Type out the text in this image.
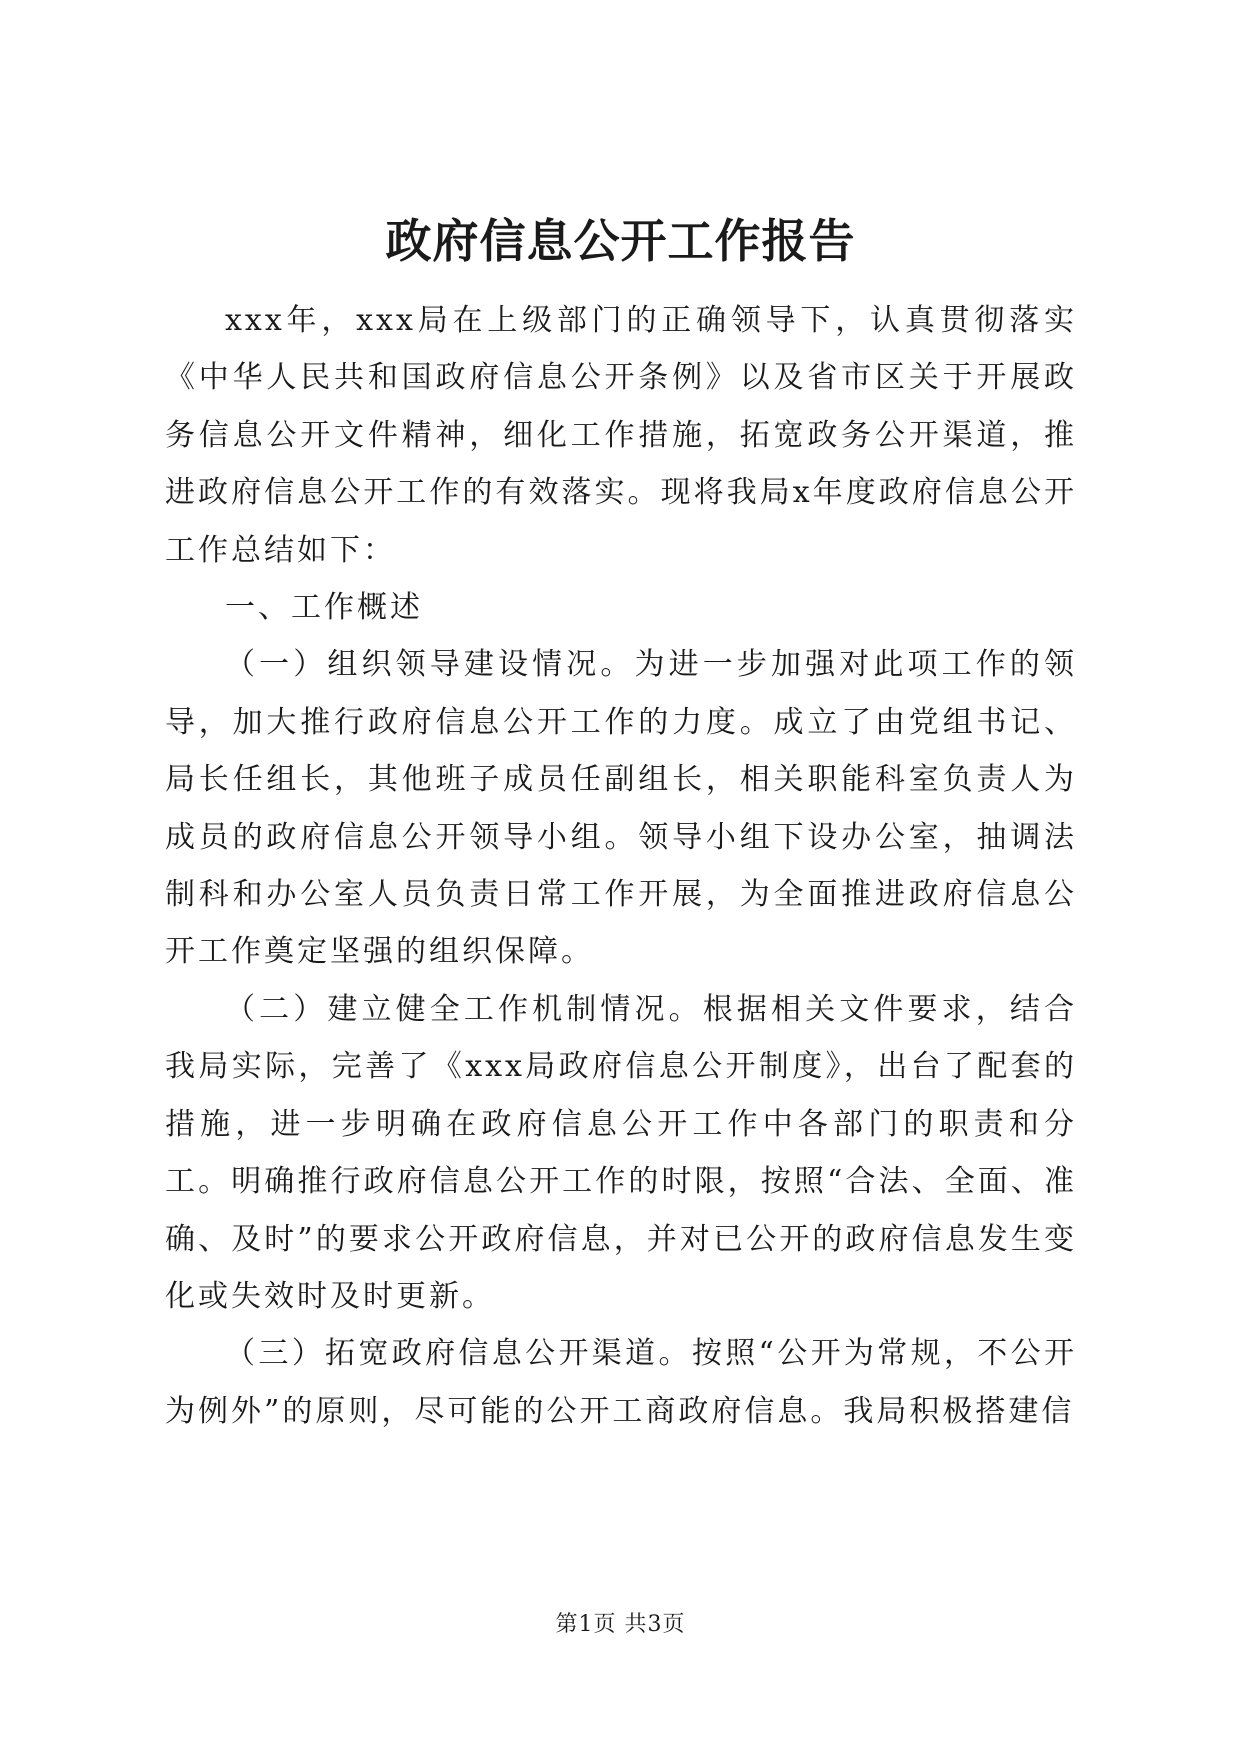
政府信息公开工作报告

xxx年，xxx局在上级部门的正确领导下，认真贯彻落实《中华人民共和国政府信息公开条例》以及省市区关于开展政务信息公开文件精神，细化工作措施，拓宽政务公开渠道，推进政府信息公开工作的有效落实。现将我局x年度政府信息公开工作总结如下：

一、工作概述

（一）组织领导建设情况。为进一步加强对此项工作的领导，加大推行政府信息公开工作的力度。成立了由党组书记、局长任组长，其他班子成员任副组长，相关职能科室负责人为成员的政府信息公开领导小组。领导小组下设办公室，抽调法制科和办公室人员负责日常工作开展，为全面推进政府信息公开工作奠定坚强的组织保障。

（二）建立健全工作机制情况。根据相关文件要求，结合我局实际，完善了《xxx局政府信息公开制度》，出台了配套的措施，进一步明确在政府信息公开工作中各部门的职责和分工。明确推行政府信息公开工作的时限，按照“合法、全面、准确、及时”的要求公开政府信息，并对已公开的政府信息发生变化或失效时及时更新。

（三）拓宽政府信息公开渠道。按照“公开为常规，不公开为例外”的原则，尽可能的公开工商政府信息。我局积极搭建信

第1页 共3页
